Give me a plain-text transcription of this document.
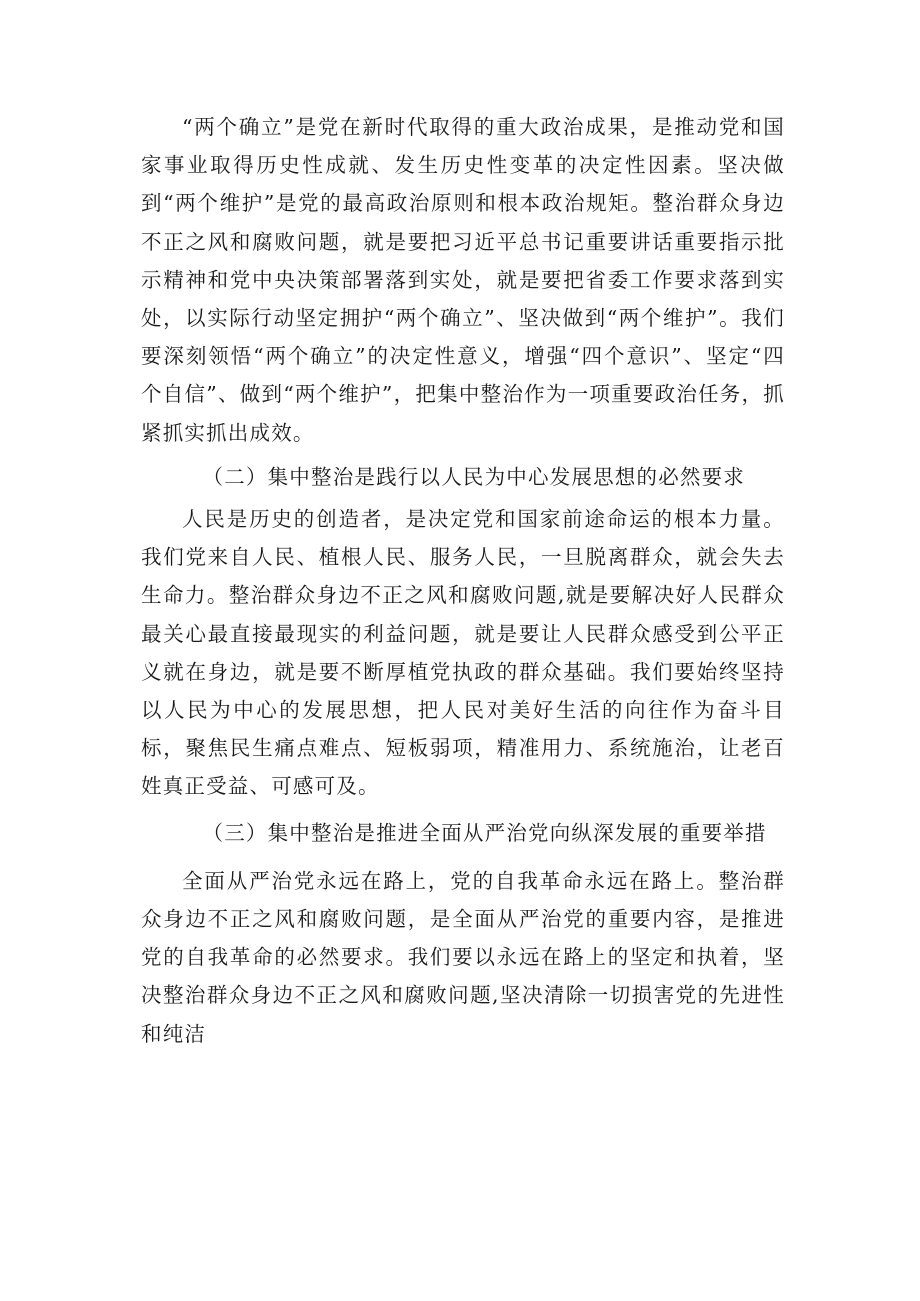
“两个确立”是党在新时代取得的重大政治成果，是推动党和国家事业取得历史性成就、发生历史性变革的决定性因素。坚决做到“两个维护”是党的最高政治原则和根本政治规矩。整治群众身边不正之风和腐败问题，就是要把习近平总书记重要讲话重要指示批示精神和党中央决策部署落到实处，就是要把省委工作要求落到实处，以实际行动坚定拥护“两个确立”、坚决做到“两个维护”。我们要深刻领悟“两个确立”的决定性意义，增强“四个意识”、坚定“四个自信”、做到“两个维护”，把集中整治作为一项重要政治任务，抓紧抓实抓出成效。

（二）集中整治是践行以人民为中心发展思想的必然要求

人民是历史的创造者，是决定党和国家前途命运的根本力量。我们党来自人民、植根人民、服务人民，一旦脱离群众，就会失去生命力。整治群众身边不正之风和腐败问题,就是要解决好人民群众最关心最直接最现实的利益问题，就是要让人民群众感受到公平正义就在身边，就是要不断厚植党执政的群众基础。我们要始终坚持以人民为中心的发展思想，把人民对美好生活的向往作为奋斗目标，聚焦民生痛点难点、短板弱项，精准用力、系统施治，让老百姓真正受益、可感可及。

（三）集中整治是推进全面从严治党向纵深发展的重要举措

全面从严治党永远在路上，党的自我革命永远在路上。整治群众身边不正之风和腐败问题，是全面从严治党的重要内容，是推进党的自我革命的必然要求。我们要以永远在路上的坚定和执着，坚决整治群众身边不正之风和腐败问题,坚决清除一切损害党的先进性和纯洁
